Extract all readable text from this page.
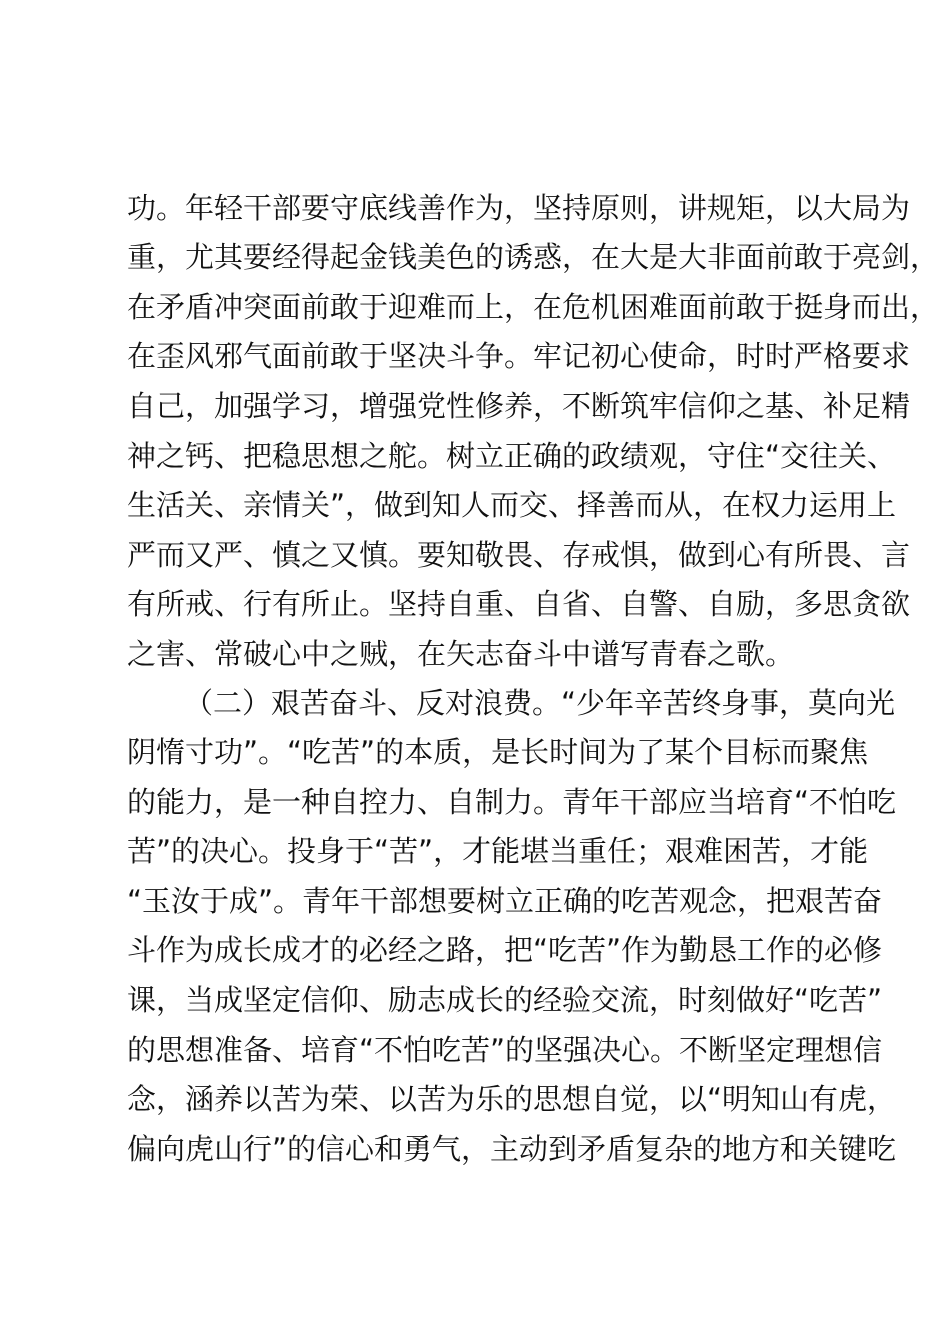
功。年轻干部要守底线善作为，坚持原则，讲规矩，以大局为
重，尤其要经得起金钱美色的诱惑，在大是大非面前敢于亮剑，
在矛盾冲突面前敢于迎难而上，在危机困难面前敢于挺身而出，
在歪风邪气面前敢于坚决斗争。牢记初心使命，时时严格要求
自己，加强学习，增强党性修养，不断筑牢信仰之基、补足精
神之钙、把稳思想之舵。树立正确的政绩观，守住“交往关、
生活关、亲情关”，做到知人而交、择善而从，在权力运用上
严而又严、慎之又慎。要知敬畏、存戒惧，做到心有所畏、言
有所戒、行有所止。坚持自重、自省、自警、自励，多思贪欲
之害、常破心中之贼，在矢志奋斗中谱写青春之歌。
（二）艰苦奋斗、反对浪费。“少年辛苦终身事，莫向光
阴惰寸功”。“吃苦”的本质，是长时间为了某个目标而聚焦
的能力，是一种自控力、自制力。青年干部应当培育“不怕吃
苦”的决心。投身于“苦”，才能堪当重任；艰难困苦，才能
“玉汝于成”。青年干部想要树立正确的吃苦观念，把艰苦奋
斗作为成长成才的必经之路，把“吃苦”作为勤恳工作的必修
课，当成坚定信仰、励志成长的经验交流，时刻做好“吃苦”
的思想准备、培育“不怕吃苦”的坚强决心。不断坚定理想信
念，涵养以苦为荣、以苦为乐的思想自觉，以“明知山有虎，
偏向虎山行”的信心和勇气，主动到矛盾复杂的地方和关键吃
